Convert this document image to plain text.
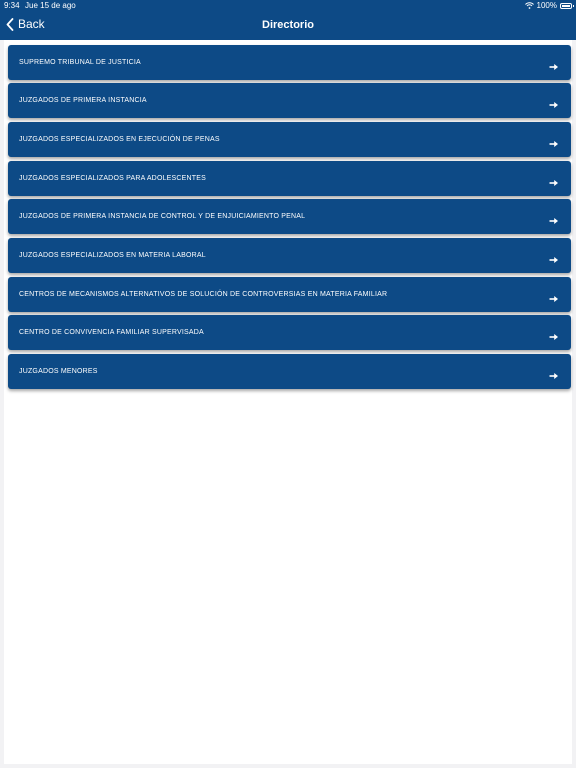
9:34 Jue 15 de ago	100%
Back	Directorio
SUPREMO TRIBUNAL DE JUSTICIA
JUZGADOS DE PRIMERA INSTANCIA
JUZGADOS ESPECIALIZADOS EN EJECUCIÓN DE PENAS
JUZGADOS ESPECIALIZADOS PARA ADOLESCENTES
JUZGADOS DE PRIMERA INSTANCIA DE CONTROL Y DE ENJUICIAMIENTO PENAL
JUZGADOS ESPECIALIZADOS EN MATERIA LABORAL
CENTROS DE MECANISMOS ALTERNATIVOS DE SOLUCIÓN DE CONTROVERSIAS EN MATERIA FAMILIAR
CENTRO DE CONVIVENCIA FAMILIAR SUPERVISADA
JUZGADOS MENORES
